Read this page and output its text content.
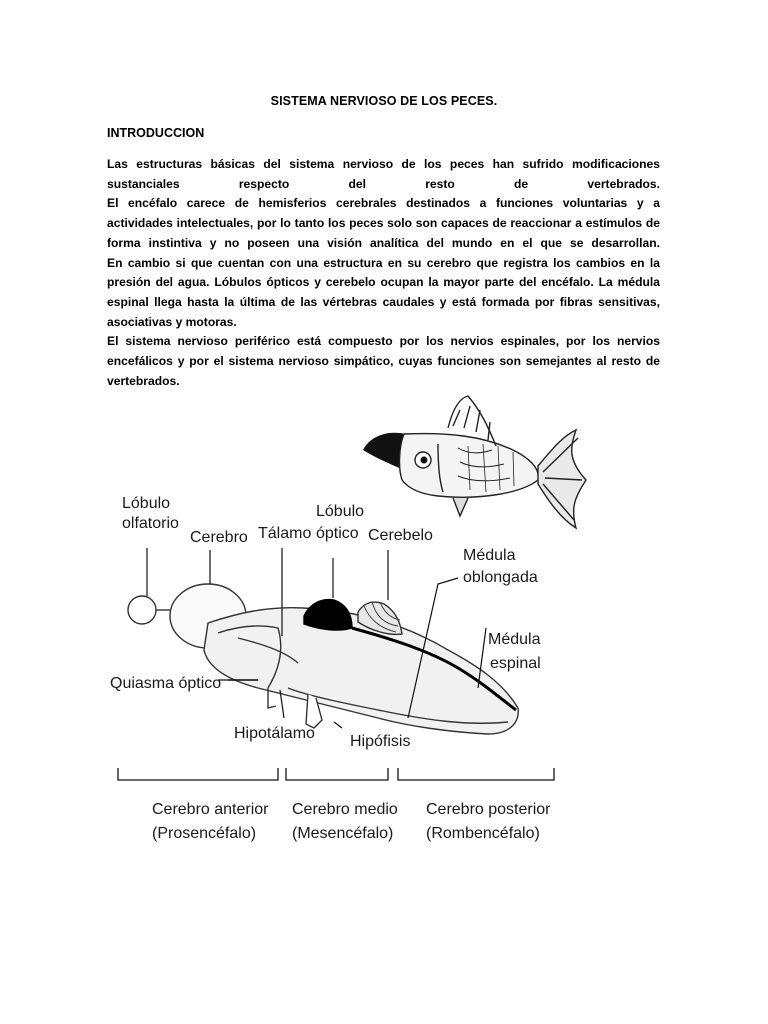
SISTEMA NERVIOSO DE LOS PECES.
INTRODUCCION

Las estructuras básicas del sistema nervioso de los peces han sufrido modificaciones sustanciales respecto del resto de vertebrados.

El encéfalo carece de hemisferios cerebrales destinados a funciones voluntarias y a actividades intelectuales, por lo tanto los peces solo son capaces de reaccionar a estímulos de forma instintiva y no poseen una visión analítica del mundo en el que se desarrollan.

En cambio si que cuentan con una estructura en su cerebro que registra los cambios en la presión del agua. Lóbulos ópticos y cerebelo ocupan la mayor parte del encéfalo. La médula espinal llega hasta la última de las vértebras caudales y está formada por fibras sensitivas, asociativas y motoras.

El sistema nervioso periférico está compuesto por los nervios espinales, por los nervios encefálicos y por el sistema nervioso simpático, cuyas funciones son semejantes al resto de vertebrados.

Lóbulo
olfatorio
Cerebro Tálamo
Lóbulo
óptico Cerebelo
Médula
oblongada
Médula
espinal
Quiasma óptico
Hipotálamo Hipófisis
Cerebro anterior
(Prosencéfalo)
Cerebro medio
(Mesencéfalo)
Cerebro posterior
(Rombencéfalo)
